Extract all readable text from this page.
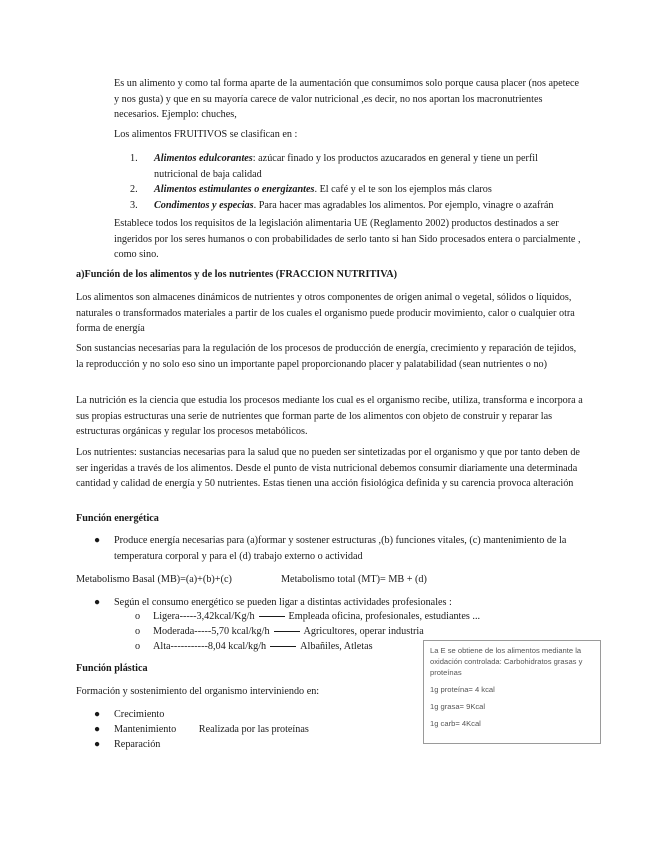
Es un alimento y como tal forma aparte de la aumentación que consumimos solo porque causa placer (nos apetece y nos gusta) y que en su mayoría carece de valor nutricional ,es decir, no nos aportan los macronutrientes necesarios. Ejemplo: chuches,

Los alimentos FRUITIVOS se clasifican en :

1. Alimentos edulcorantes: azúcar finado y los productos azucarados en general y tiene un perfil nutricional de baja calidad
2. Alimentos estimulantes o energizantes. El café y el te son los ejemplos más claros
3. Condimentos y especias. Para hacer mas agradables los alimentos. Por ejemplo, vinagre o azafrán

Establece todos los requisitos de la legislación alimentaria UE (Reglamento 2002) productos destinados a ser ingeridos por los seres humanos o con probabilidades de serlo tanto si han Sido procesados entera o parcialmente , como sino.

a)Función de los alimentos y de los nutrientes (FRACCION NUTRITIVA)

Los alimentos son almacenes dinámicos de nutrientes y otros componentes de origen animal o vegetal, sólidos o líquidos, naturales o transformados materiales a partir de los cuales el organismo puede producir movimiento, calor o cualquier otra forma de energía

Son sustancias necesarias para la regulación de los procesos de producción de energía, crecimiento y reparación de tejidos, la reproducción y no solo eso sino un importante papel proporcionando placer y palatabilidad (sean nutrientes o no)

La nutrición es la ciencia que estudia los procesos mediante los cual es el organismo recibe, utiliza, transforma e incorpora a sus propias estructuras una serie de nutrientes que forman parte de los alimentos con objeto de construir y reparar las estructuras orgánicas y regular los procesos metabólicos.

Los nutrientes: sustancias necesarias para la salud que no pueden ser sintetizadas por el organismo y que por tanto deben de ser ingeridas a través de los alimentos. Desde el punto de vista nutricional debemos consumir diariamente una determinada cantidad y calidad de energía y 50 nutrientes. Estas tienen una acción fisiológica definida y su carencia provoca alteración

Función energética

● Produce energía necesarias para (a)formar y sostener estructuras ,(b) funciones vitales, (c) mantenimiento de la temperatura corporal y para el (d) trabajo externo o actividad

Metabolismo Basal (MB)=(a)+(b)+(c)	Metabolismo total (MT)= MB + (d)

● Según el consumo energético se pueden ligar a distintas actividades profesionales :
o Ligera-----3,42kcal/Kg/h	Empleada oficina, profesionales, estudiantes ...
o Moderada-----5,70 kcal/kg/h	Agricultores, operar industria
o Alta-----------8,04 kcal/kg/h	Albañiles, Atletas

Función plástica

Formación y sostenimiento del organismo interviniendo en:

● Crecimiento
● Mantenimiento Realizada por las proteínas
● Reparación

La E se obtiene de los alimentos mediante la oxidación controlada: Carbohidratos grasas y proteínas

1g proteína= 4 kcal

1g grasa= 9Kcal

1g carb= 4Kcal
